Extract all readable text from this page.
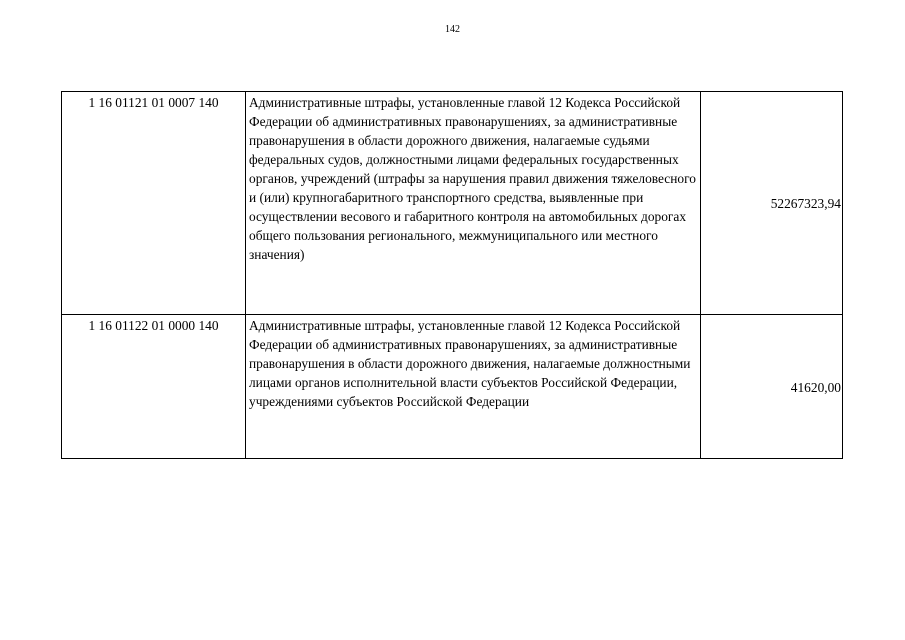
142
1 16 01121 01 0007 140	Административные штрафы, установленные главой 12 Кодекса Российской Федерации об административных правонарушениях, за административные правонарушения в области дорожного движения, налагаемые судьями федеральных судов, должностными лицами федеральных государственных органов, учреждений (штрафы за нарушения правил движения тяжеловесного и (или) крупногабаритного транспортного средства, выявленные при осуществлении весового и габаритного контроля на автомобильных дорогах общего пользования регионального, межмуниципального или местного значения)	52267323,94
1 16 01122 01 0000 140	Административные штрафы, установленные главой 12 Кодекса Российской Федерации об административных правонарушениях, за административные правонарушения в области дорожного движения, налагаемые должностными лицами органов исполнительной власти субъектов Российской Федерации, учреждениями субъектов Российской Федерации	41620,00
